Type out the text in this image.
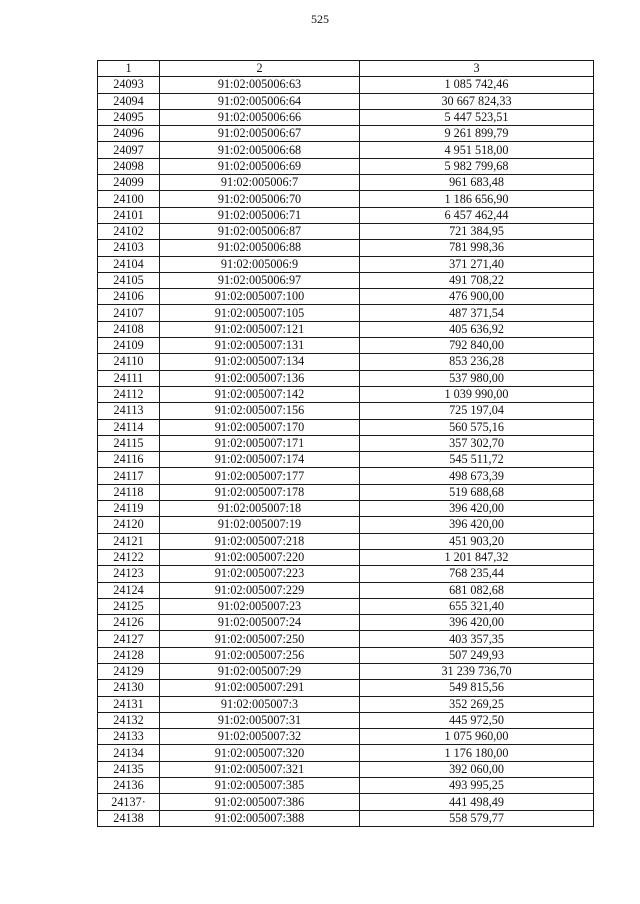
525
1	2	3
24093	91:02:005006:63	1 085 742,46
24094	91:02:005006:64	30 667 824,33
24095	91:02:005006:66	5 447 523,51
24096	91:02:005006:67	9 261 899,79
24097	91:02:005006:68	4 951 518,00
24098	91:02:005006:69	5 982 799,68
24099	91:02:005006:7	961 683,48
24100	91:02:005006:70	1 186 656,90
24101	91:02:005006:71	6 457 462,44
24102	91:02:005006:87	721 384,95
24103	91:02:005006:88	781 998,36
24104	91:02:005006:9	371 271,40
24105	91:02:005006:97	491 708,22
24106	91:02:005007:100	476 900,00
24107	91:02:005007:105	487 371,54
24108	91:02:005007:121	405 636,92
24109	91:02:005007:131	792 840,00
24110	91:02:005007:134	853 236,28
24111	91:02:005007:136	537 980,00
24112	91:02:005007:142	1 039 990,00
24113	91:02:005007:156	725 197,04
24114	91:02:005007:170	560 575,16
24115	91:02:005007:171	357 302,70
24116	91:02:005007:174	545 511,72
24117	91:02:005007:177	498 673,39
24118	91:02:005007:178	519 688,68
24119	91:02:005007:18	396 420,00
24120	91:02:005007:19	396 420,00
24121	91:02:005007:218	451 903,20
24122	91:02:005007:220	1 201 847,32
24123	91:02:005007:223	768 235,44
24124	91:02:005007:229	681 082,68
24125	91:02:005007:23	655 321,40
24126	91:02:005007:24	396 420,00
24127	91:02:005007:250	403 357,35
24128	91:02:005007:256	507 249,93
24129	91:02:005007:29	31 239 736,70
24130	91:02:005007:291	549 815,56
24131	91:02:005007:3	352 269,25
24132	91:02:005007:31	445 972,50
24133	91:02:005007:32	1 075 960,00
24134	91:02:005007:320	1 176 180,00
24135	91:02:005007:321	392 060,00
24136	91:02:005007:385	493 995,25
24137·	91:02:005007:386	441 498,49
24138	91:02:005007:388	558 579,77
